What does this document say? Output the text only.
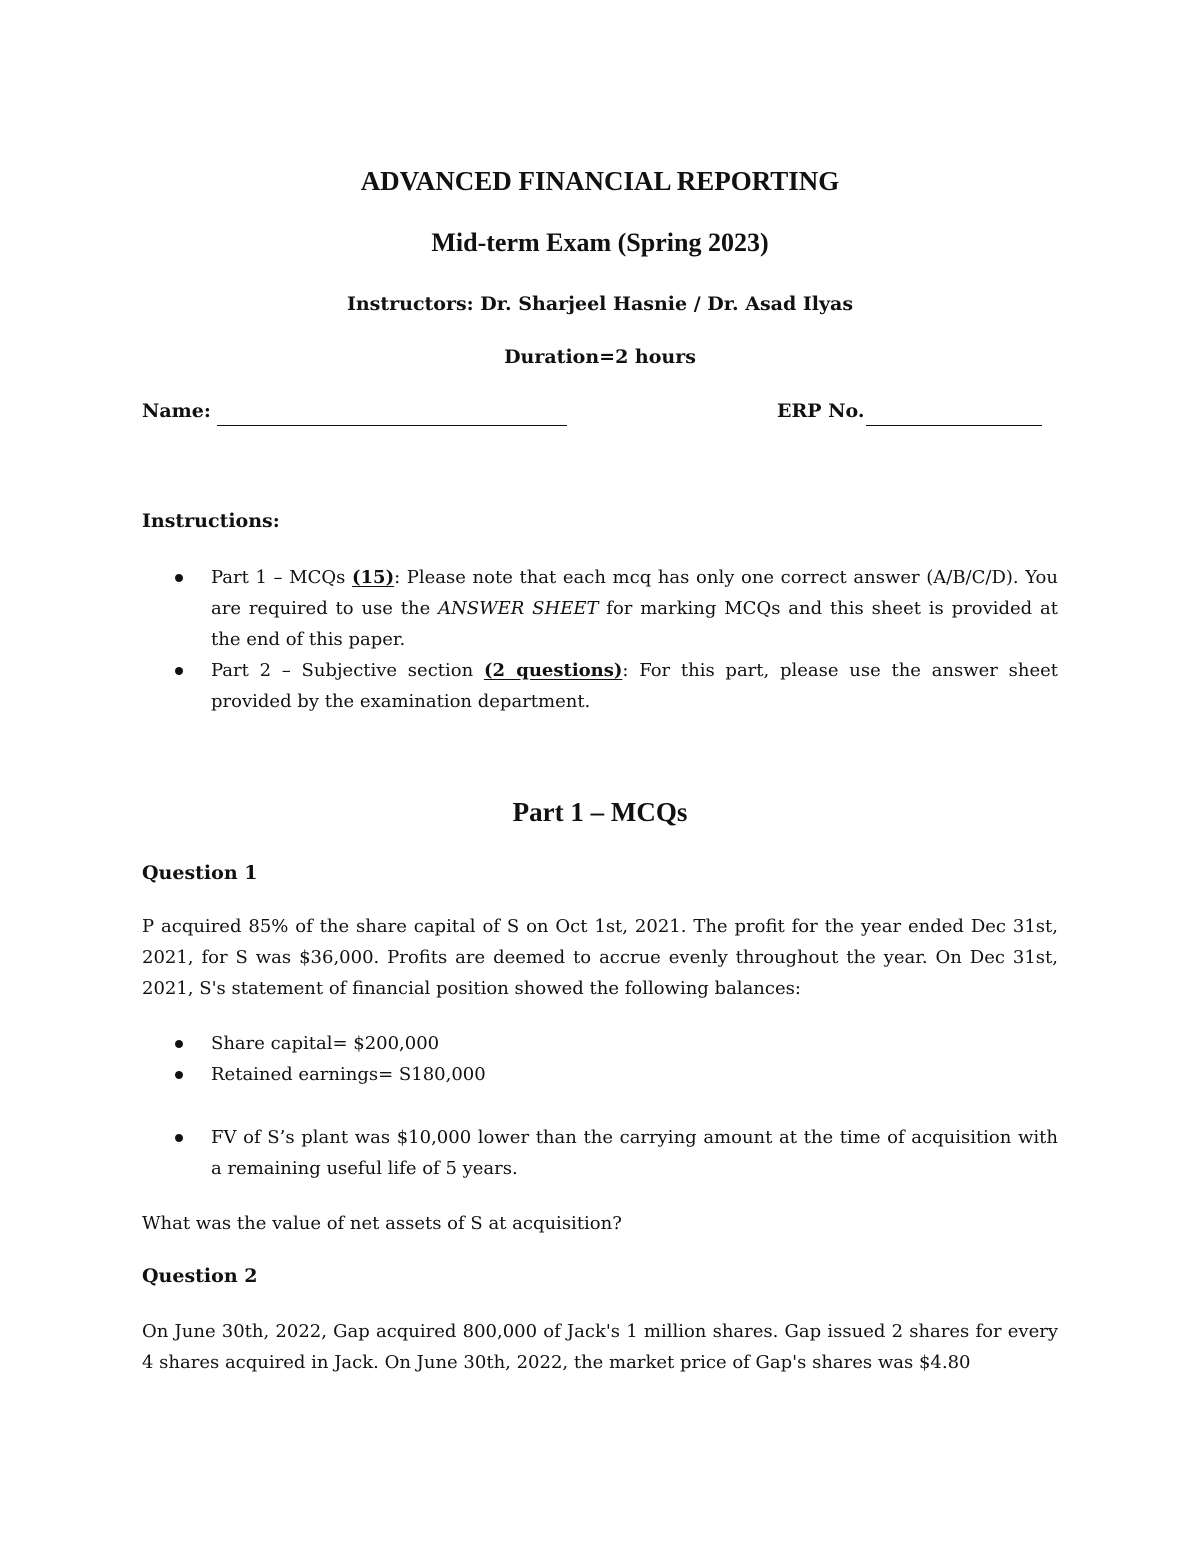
ADVANCED FINANCIAL REPORTING
Mid-term Exam (Spring 2023)
Instructors: Dr. Sharjeel Hasnie / Dr. Asad Ilyas
Duration=2 hours
Name:	ERP No.
Instructions:
Part 1 – MCQs (15): Please note that each mcq has only one correct answer (A/B/C/D). You are required to use the ANSWER SHEET for marking MCQs and this sheet is provided at the end of this paper.
Part 2 – Subjective section (2 questions): For this part, please use the answer sheet provided by the examination department.
Part 1 – MCQs
Question 1
P acquired 85% of the share capital of S on Oct 1st, 2021. The profit for the year ended Dec 31st, 2021, for S was $36,000. Profits are deemed to accrue evenly throughout the year. On Dec 31st, 2021, S's statement of financial position showed the following balances:
Share capital= $200,000
Retained earnings= S180,000
FV of S’s plant was $10,000 lower than the carrying amount at the time of acquisition with a remaining useful life of 5 years.
What was the value of net assets of S at acquisition?
Question 2
On June 30th, 2022, Gap acquired 800,000 of Jack's 1 million shares. Gap issued 2 shares for every 4 shares acquired in Jack. On June 30th, 2022, the market price of Gap's shares was $4.80
